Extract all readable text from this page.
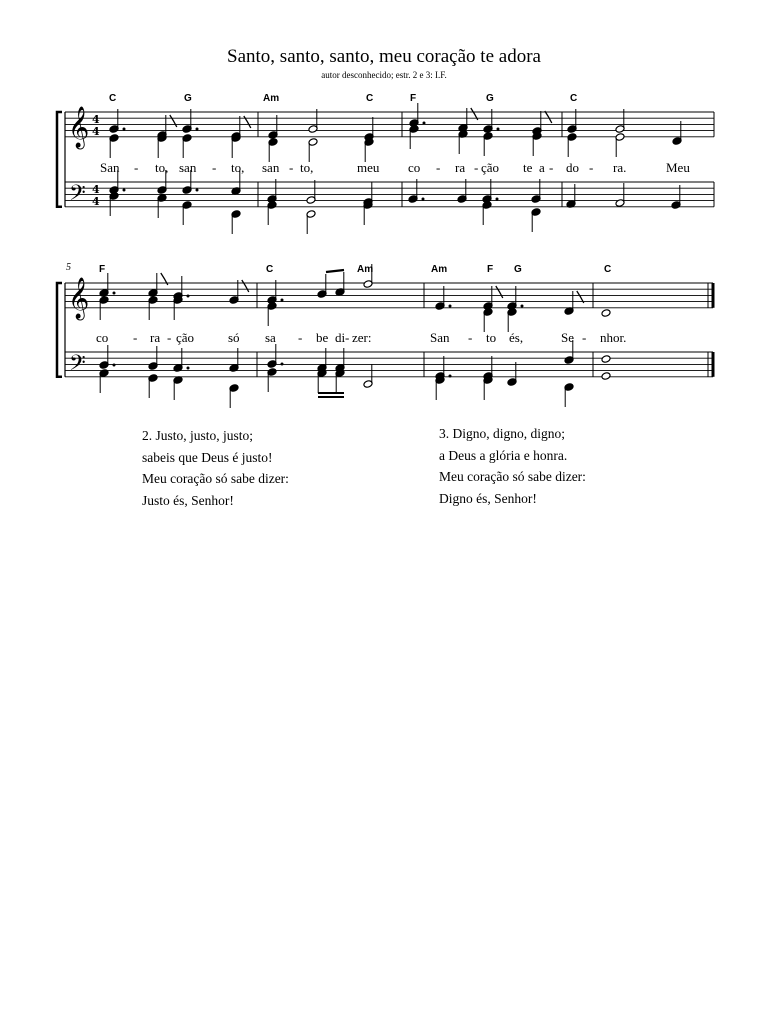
Santo, santo, santo, meu coração te adora
autor desconhecido; estr. 2 e 3: I.F.
C	G	Am	C	F	G	C
San - to, san - to, san - to,	meu co - ra - ção te a - do - ra.	Meu
5	F	C	Am	Am	F G	C
co - ra - ção	só sa - be di - zer:	San - to és,	Se - nhor.
2. Justo, justo, justo;
sabeis que Deus é justo!
Meu coração só sabe dizer:
Justo és, Senhor!
3. Digno, digno, digno;
a Deus a glória e honra.
Meu coração só sabe dizer:
Digno és, Senhor!
𝄞
𝄢
4
4
4
4
𝄞
𝄢
